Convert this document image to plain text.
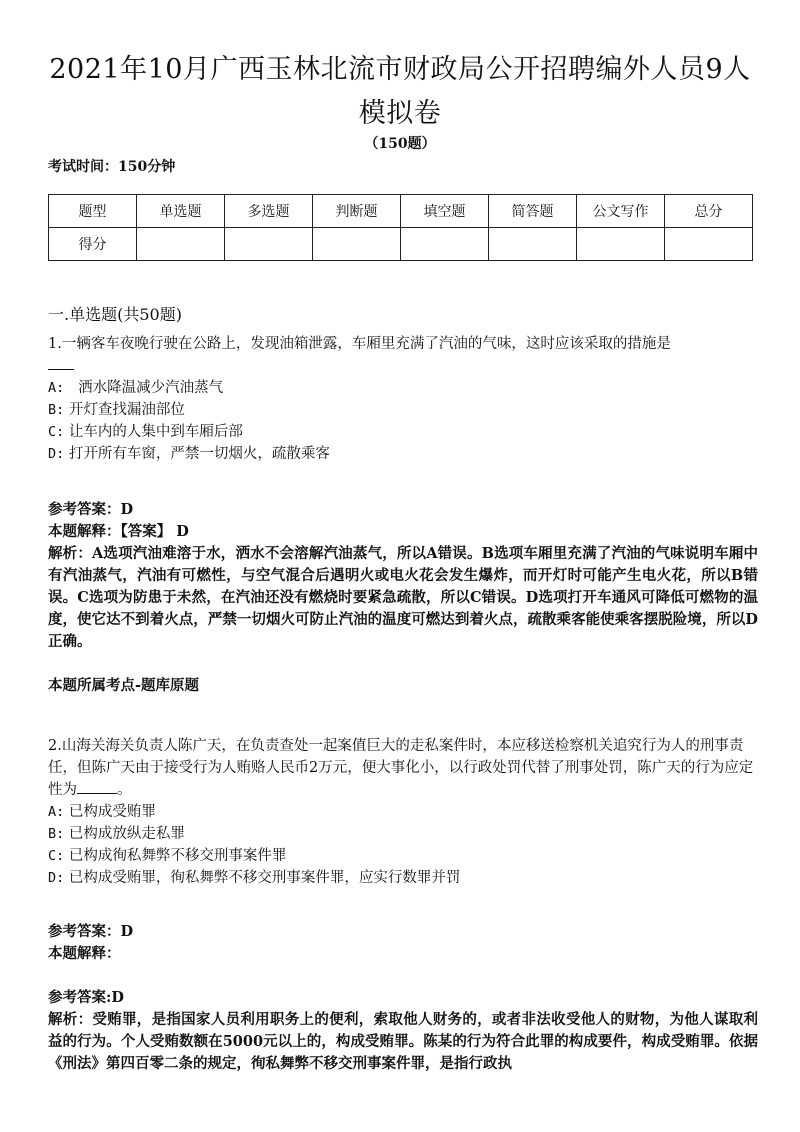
2021年10月广西玉林北流市财政局公开招聘编外人员9人模拟卷
（150题）
考试时间：150分钟
题型	单选题	多选题	判断题	填空题	简答题	公文写作	总分
得分							
一.单选题(共50题)

1.一辆客车夜晚行驶在公路上，发现油箱泄露，车厢里充满了汽油的气味，这时应该采取的措施是

A: 洒水降温减少汽油蒸气

B: 开灯查找漏油部位

C: 让车内的人集中到车厢后部

D: 打开所有车窗，严禁一切烟火，疏散乘客

参考答案：D

本题解释：【答案】 D

解析：A选项汽油难溶于水，洒水不会溶解汽油蒸气，所以A错误。B选项车厢里充满了汽油的气味说明车厢中有汽油蒸气，汽油有可燃性，与空气混合后遇明火或电火花会发生爆炸，而开灯时可能产生电火花，所以B错误。C选项为防患于未然，在汽油还没有燃烧时要紧急疏散，所以C错误。D选项打开车通风可降低可燃物的温度，使它达不到着火点，严禁一切烟火可防止汽油的温度可燃达到着火点，疏散乘客能使乘客摆脱险境，所以D正确。

本题所属考点-题库原题

2.山海关海关负责人陈广天，在负责查处一起案值巨大的走私案件时，本应移送检察机关追究行为人的刑事责任，但陈广天由于接受行为人贿赂人民币2万元，便大事化小，以行政处罚代替了刑事处罚，陈广天的行为应定性为	。

A: 已构成受贿罪

B: 已构成放纵走私罪

C: 已构成徇私舞弊不移交刑事案件罪

D: 已构成受贿罪，徇私舞弊不移交刑事案件罪，应实行数罪并罚

参考答案：D

本题解释：

参考答案:D

解析：受贿罪，是指国家人员利用职务上的便利，索取他人财务的，或者非法收受他人的财物，为他人谋取利益的行为。个人受贿数额在5000元以上的，构成受贿罪。陈某的行为符合此罪的构成要件，构成受贿罪。依据《刑法》第四百零二条的规定，徇私舞弊不移交刑事案件罪，是指行政执
